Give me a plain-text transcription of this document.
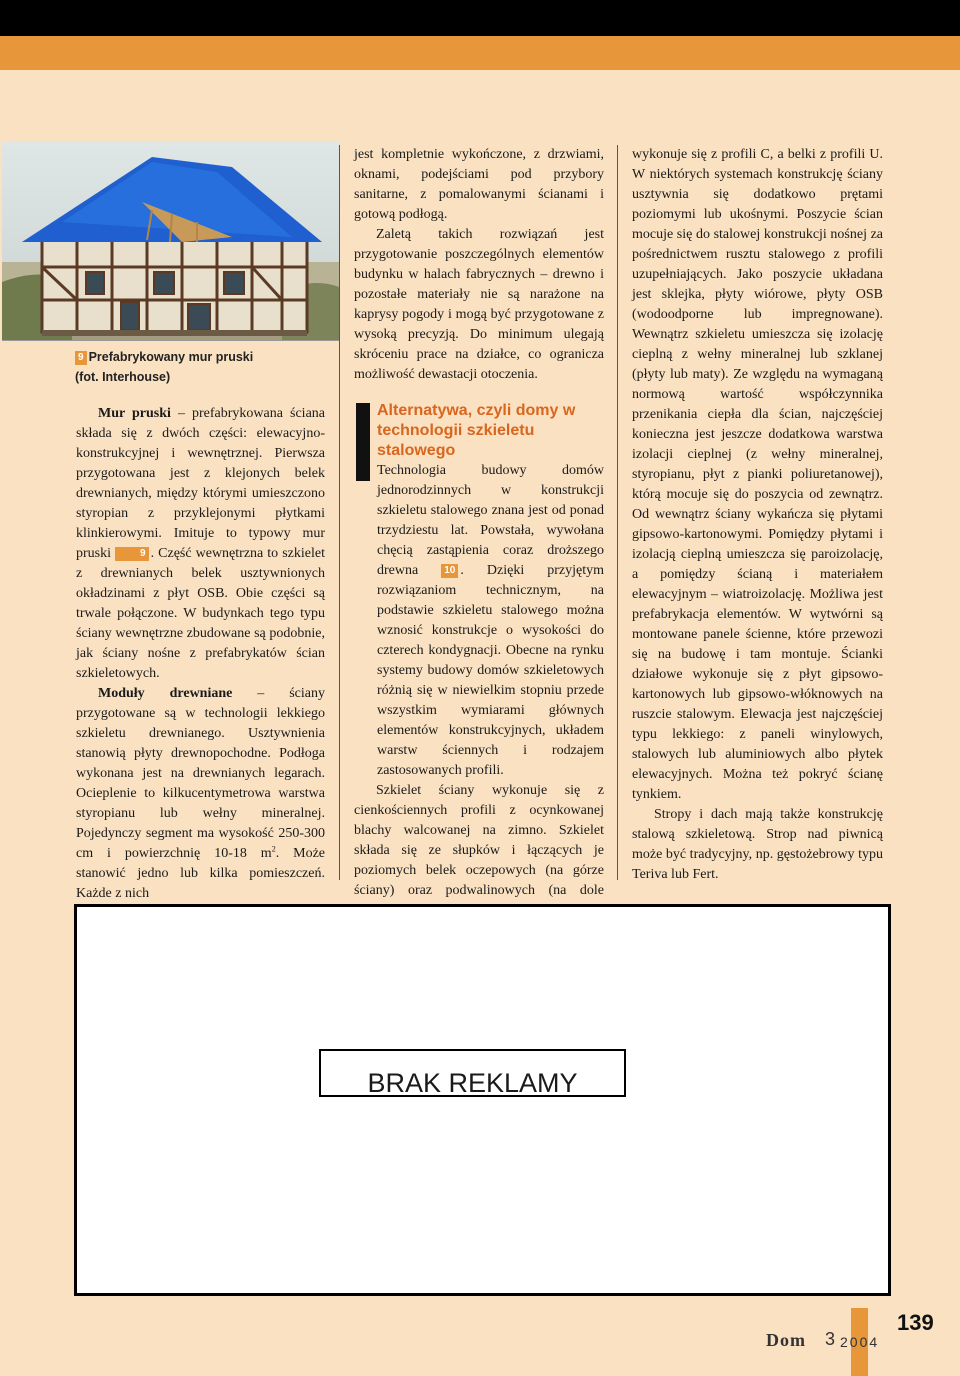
9 Prefabrykowany mur pruski
(fot. Interhouse)

Mur pruski – prefabrykowana ściana składa się z dwóch części: elewacyjno-konstrukcyjnej i wewnętrznej. Pierwsza przygotowana jest z klejonych belek drewnianych, między którymi umieszczono styropian z przyklejonymi płytkami klinkierowymi. Imituje to typowy mur pruski	9 . Część wewnętrzna to szkielet z drewnianych belek usztywnionych okładzinami z płyt OSB. Obie części są trwale połączone. W budynkach tego typu ściany wewnętrzne zbudowane są podobnie, jak ściany nośne z prefabrykatów ścian szkieletowych.

Moduły drewniane – ściany przygotowane są w technologii lekkiego szkieletu drewnianego. Usztywnienia stanowią płyty drewnopochodne. Podłoga wykonana jest na drewnianych legarach. Ocieplenie to kilkucentymetrowa warstwa styropianu lub wełny mineralnej. Pojedynczy segment ma wysokość 250-300 cm i powierzchnię 10-18 $m^2$. Może stanowić jedno lub kilka pomieszczeń. Każde z nich

jest kompletnie wykończone, z drzwiami, oknami, podejściami pod przybory sanitarne, z pomalowanymi ścianami i gotową podłogą.

Zaletą takich rozwiązań jest przygotowanie poszczególnych elementów budynku w halach fabrycznych – drewno i pozostałe materiały nie są narażone na kaprysy pogody i mogą być przygotowane z wysoką precyzją. Do minimum ulegają skróceniu prace na działce, co ogranicza możliwość dewastacji otoczenia.

Alternatywa, czyli domy w technologii szkieletu stalowego

Technologia budowy domów jednorodzinnych w konstrukcji szkieletu stalowego znana jest od ponad trzydziestu lat. Powstała, wywołana chęcią zastąpienia coraz droższego drewna 10 . Dzięki przyjętym rozwiązaniom technicznym, na podstawie szkieletu stalowego można wznosić konstrukcje o wysokości do czterech kondygnacji. Obecne na rynku systemy budowy domów szkieletowych różnią się w niewielkim stopniu przede wszystkim wymiarami głównych elementów konstrukcyjnych, układem warstw ściennych i rodzajem zastosowanych profili.

Szkielet ściany wykonuje się z cienkościennych profili z ocynkowanej blachy walcowanej na zimno. Szkielet składa się ze słupków i łączących je poziomych belek oczepowych (na górze ściany) oraz podwalinowych (na dole

wykonuje się z profili C, a belki z profili U. W niektórych systemach konstrukcję ściany usztywnia się dodatkowo prętami poziomymi lub ukośnymi. Poszycie ścian mocuje się do stalowej konstrukcji nośnej za pośrednictwem rusztu stalowego z profili uzupełniających. Jako poszycie układana jest sklejka, płyty wiórowe, płyty OSB (wodoodporne lub impregnowane). Wewnątrz szkieletu umieszcza się izolację cieplną z wełny mineralnej lub szklanej (płyty lub maty). Ze względu na wymaganą normową wartość współczynnika przenikania ciepła dla ścian, najczęściej konieczna jest jeszcze dodatkowa warstwa izolacji cieplnej (z wełny mineralnej, styropianu, płyt z pianki poliuretanowej), którą mocuje się do poszycia od zewnątrz. Od wewnątrz ściany wykańcza się płytami gipsowo-kartonowymi. Pomiędzy płytami i izolacją cieplną umieszcza się paroizolację, a pomiędzy ścianą i materiałem elewacyjnym – wiatroizolację. Możliwa jest prefabrykacja elementów. W wytwórni są montowane panele ścienne, które przewozi się na budowę i tam montuje. Ścianki działowe wykonuje się z płyt gipsowo-kartonowych lub gipsowo-włóknowych na ruszcie stalowym. Elewacja jest najczęściej typu lekkiego: z paneli winylowych, stalowych lub aluminiowych albo płytek elewacyjnych. Można też pokryć ścianę tynkiem.

Stropy i dach mają także konstrukcję stalową szkieletową. Strop nad piwnicą może być tradycyjny, np. gęstożebrowy typu Teriva lub Fert.

BRAK REKLAMY
Dom 3 2004
139
